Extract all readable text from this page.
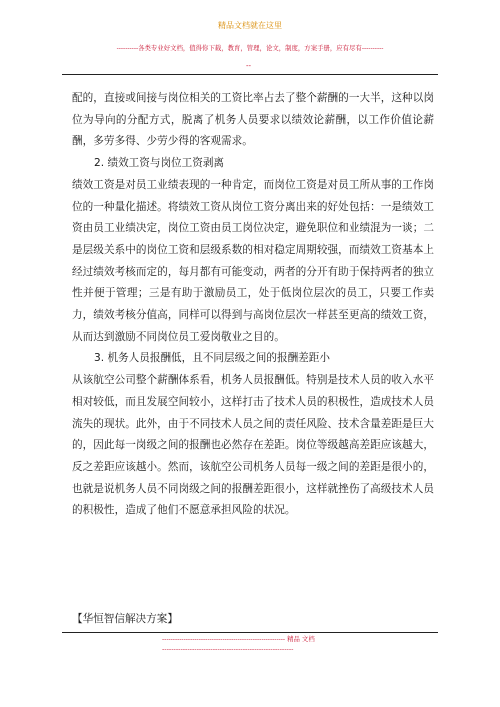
精品文档就在这里
----------各类专业好文档，值得你下载，教育，管理，论文，制度，方案手册，应有尽有----------
--

配的，直接或间接与岗位相关的工资比率占去了整个薪酬的一大半，这种以岗位为导向的分配方式，脱离了机务人员要求以绩效论薪酬，以工作价值论薪酬，多劳多得、少劳少得的客观需求。

2. 绩效工资与岗位工资剥离

绩效工资是对员工业绩表现的一种肯定，而岗位工资是对员工所从事的工作岗位的一种量化描述。将绩效工资从岗位工资分离出来的好处包括：一是绩效工资由员工业绩决定，岗位工资由员工岗位决定，避免职位和业绩混为一谈；二是层级关系中的岗位工资和层级系数的相对稳定周期较强，而绩效工资基本上经过绩效考核而定的，每月都有可能变动，两者的分开有助于保持两者的独立性并便于管理；三是有助于激励员工，处于低岗位层次的员工，只要工作卖力，绩效考核分值高，同样可以得到与高岗位层次一样甚至更高的绩效工资，从而达到激励不同岗位员工爱岗敬业之目的。

3. 机务人员报酬低，且不同层级之间的报酬差距小

从该航空公司整个薪酬体系看，机务人员报酬低。特别是技术人员的收入水平相对较低，而且发展空间较小，这样打击了技术人员的积极性，造成技术人员流失的现状。此外，由于不同技术人员之间的责任风险、技术含量差距是巨大的，因此每一岗级之间的报酬也必然存在差距。岗位等级越高差距应该越大，反之差距应该越小。然而，该航空公司机务人员每一级之间的差距是很小的，也就是说机务人员不同岗级之间的报酬差距很小，这样就挫伤了高级技术人员的积极性，造成了他们不愿意承担风险的状况。

【华恒智信解决方案】
--------------------------------------------------------- 精品 文档
---------------------------------------------------------
